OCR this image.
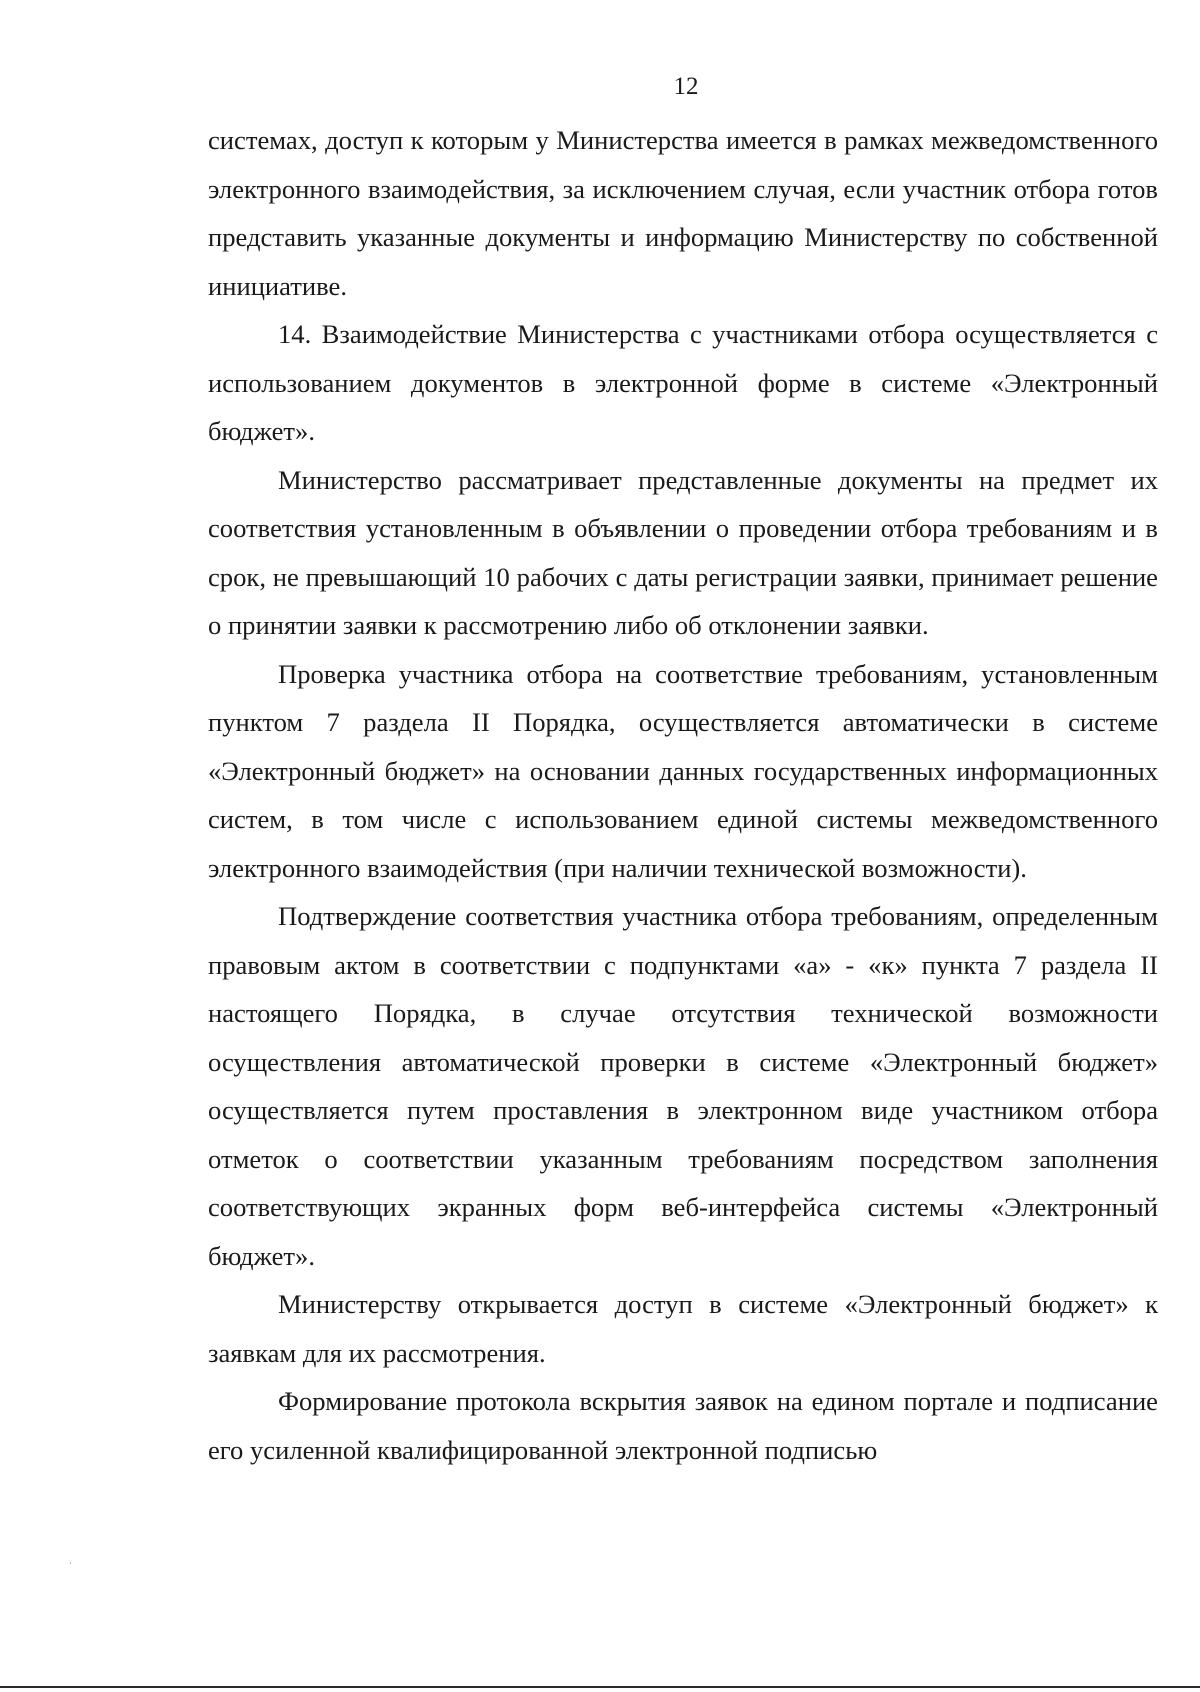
12

системах, доступ к которым у Министерства имеется в рамках межведомственного электронного взаимодействия, за исключением случая, если участник отбора готов представить указанные документы и информацию Министерству по собственной инициативе.

14. Взаимодействие Министерства с участниками отбора осуществляется с использованием документов в электронной форме в системе «Электронный бюджет».

Министерство рассматривает представленные документы на предмет их соответствия установленным в объявлении о проведении отбора требованиям и в срок, не превышающий 10 рабочих с даты регистрации заявки, принимает решение о принятии заявки к рассмотрению либо об отклонении заявки.

Проверка участника отбора на соответствие требованиям, установленным пунктом 7 раздела II Порядка, осуществляется автоматически в системе «Электронный бюджет» на основании данных государственных информационных систем, в том числе с использованием единой системы межведомственного электронного взаимодействия (при наличии технической возможности).

Подтверждение соответствия участника отбора требованиям, определенным правовым актом в соответствии с подпунктами «а» - «к» пункта 7 раздела II настоящего Порядка, в случае отсутствия технической возможности осуществления автоматической проверки в системе «Электронный бюджет» осуществляется путем проставления в электронном виде участником отбора отметок о соответствии указанным требованиям посредством заполнения соответствующих экранных форм веб-интерфейса системы «Электронный бюджет».

Министерству открывается доступ в системе «Электронный бюджет» к заявкам для их рассмотрения.

Формирование протокола вскрытия заявок на едином портале и подписание его усиленной квалифицированной электронной подписью
